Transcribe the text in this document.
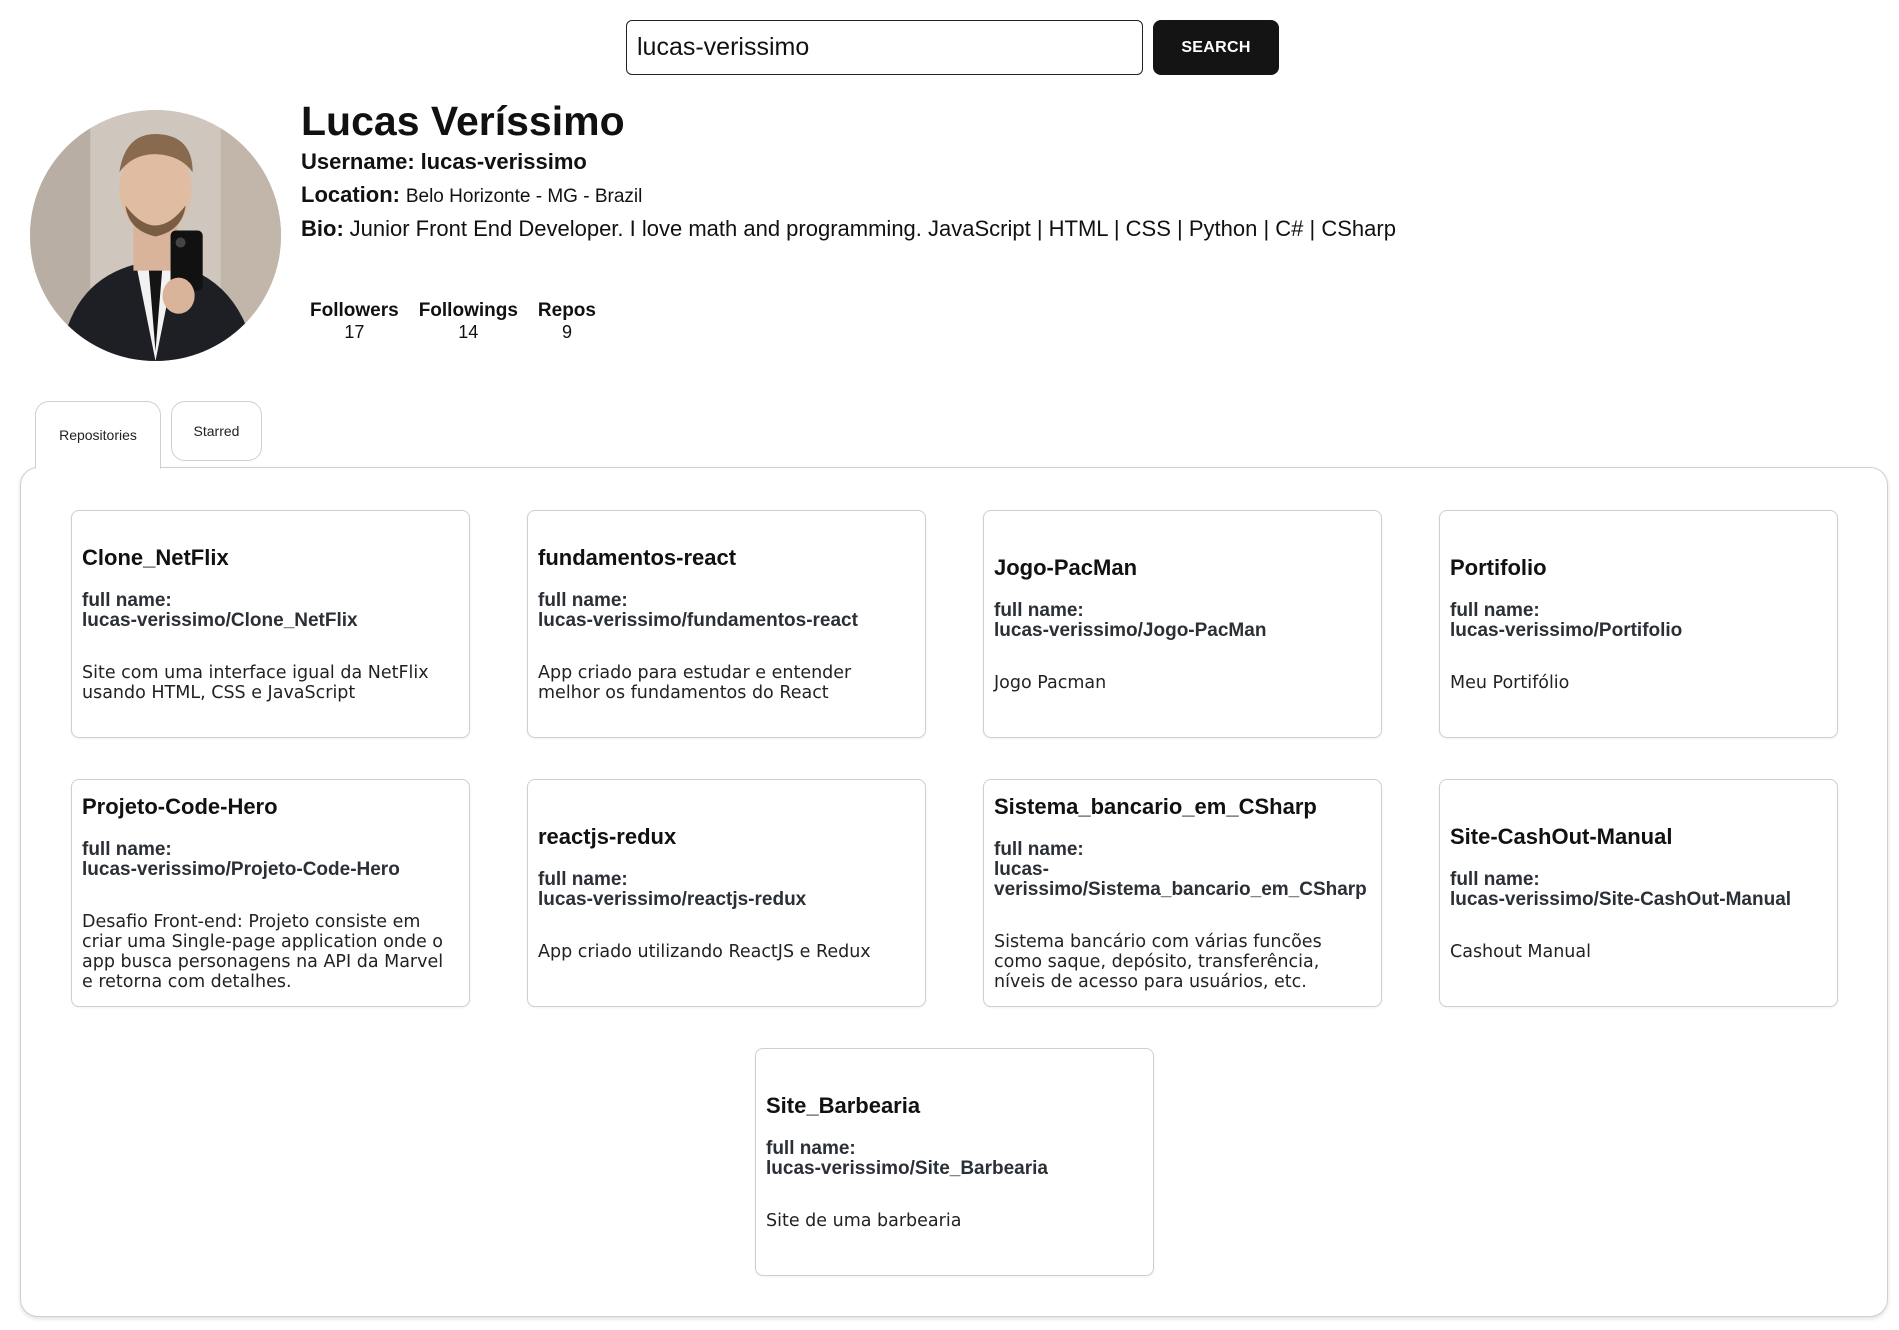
lucas-verissimo
SEARCH
Lucas Veríssimo
Username: lucas-verissimo
Location: Belo Horizonte - MG - Brazil
Bio: Junior Front End Developer. I love math and programming. JavaScript | HTML | CSS | Python | C# | CSharp
Followers
17
Followings
14
Repos
9
Repositories	Starred
Clone_NetFlix
full name:
lucas-verissimo/Clone_NetFlix
Site com uma interface igual da NetFlix usando HTML, CSS e JavaScript
fundamentos-react
full name:
lucas-verissimo/fundamentos-react
App criado para estudar e entender melhor os fundamentos do React
Jogo-PacMan
full name:
lucas-verissimo/Jogo-PacMan
Jogo Pacman
Portifolio
full name:
lucas-verissimo/Portifolio
Meu Portifólio
Projeto-Code-Hero
full name:
lucas-verissimo/Projeto-Code-Hero
Desafio Front-end: Projeto consiste em criar uma Single-page application onde o app busca personagens na API da Marvel e retorna com detalhes.
reactjs-redux
full name:
lucas-verissimo/reactjs-redux
App criado utilizando ReactJS e Redux
Sistema_bancario_em_CSharp
full name:
lucas-verissimo/Sistema_bancario_em_CSharp
Sistema bancário com várias funcões como saque, depósito, transferência, níveis de acesso para usuários, etc.
Site-CashOut-Manual
full name:
lucas-verissimo/Site-CashOut-Manual
Cashout Manual
Site_Barbearia
full name:
lucas-verissimo/Site_Barbearia
Site de uma barbearia
